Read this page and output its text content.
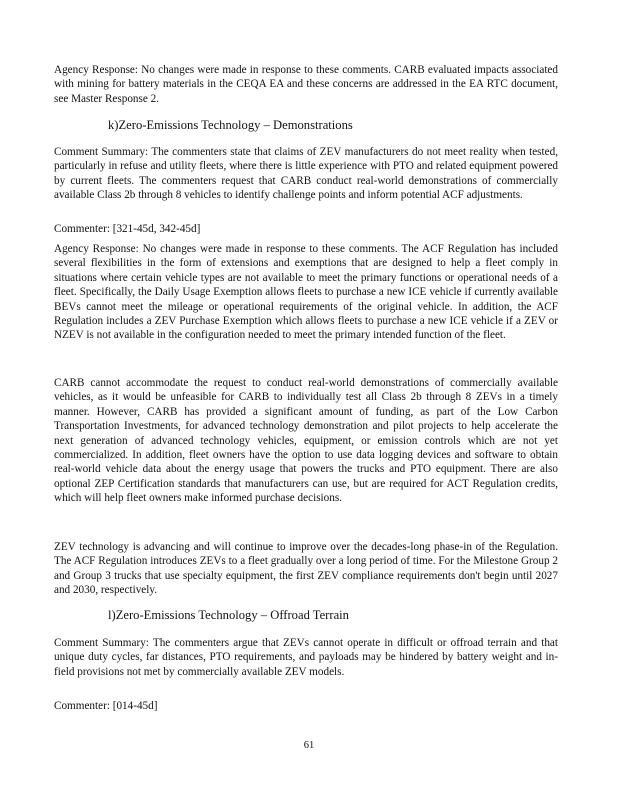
Agency Response: No changes were made in response to these comments. CARB evaluated impacts associated with mining for battery materials in the CEQA EA and these concerns are addressed in the EA RTC document, see Master Response 2.

k)Zero-Emissions Technology – Demonstrations

Comment Summary: The commenters state that claims of ZEV manufacturers do not meet reality when tested, particularly in refuse and utility fleets, where there is little experience with PTO and related equipment powered by current fleets. The commenters request that CARB conduct real-world demonstrations of commercially available Class 2b through 8 vehicles to identify challenge points and inform potential ACF adjustments.

Commenter: [321-45d, 342-45d]

Agency Response: No changes were made in response to these comments. The ACF Regulation has included several flexibilities in the form of extensions and exemptions that are designed to help a fleet comply in situations where certain vehicle types are not available to meet the primary functions or operational needs of a fleet. Specifically, the Daily Usage Exemption allows fleets to purchase a new ICE vehicle if currently available BEVs cannot meet the mileage or operational requirements of the original vehicle. In addition, the ACF Regulation includes a ZEV Purchase Exemption which allows fleets to purchase a new ICE vehicle if a ZEV or NZEV is not available in the configuration needed to meet the primary intended function of the fleet.

CARB cannot accommodate the request to conduct real-world demonstrations of commercially available vehicles, as it would be unfeasible for CARB to individually test all Class 2b through 8 ZEVs in a timely manner. However, CARB has provided a significant amount of funding, as part of the Low Carbon Transportation Investments, for advanced technology demonstration and pilot projects to help accelerate the next generation of advanced technology vehicles, equipment, or emission controls which are not yet commercialized. In addition, fleet owners have the option to use data logging devices and software to obtain real-world vehicle data about the energy usage that powers the trucks and PTO equipment. There are also optional ZEP Certification standards that manufacturers can use, but are required for ACT Regulation credits, which will help fleet owners make informed purchase decisions.

ZEV technology is advancing and will continue to improve over the decades-long phase-in of the Regulation. The ACF Regulation introduces ZEVs to a fleet gradually over a long period of time. For the Milestone Group 2 and Group 3 trucks that use specialty equipment, the first ZEV compliance requirements don't begin until 2027 and 2030, respectively.

l)Zero-Emissions Technology – Offroad Terrain

Comment Summary: The commenters argue that ZEVs cannot operate in difficult or offroad terrain and that unique duty cycles, far distances, PTO requirements, and payloads may be hindered by battery weight and in-field provisions not met by commercially available ZEV models.

Commenter: [014-45d]

61
